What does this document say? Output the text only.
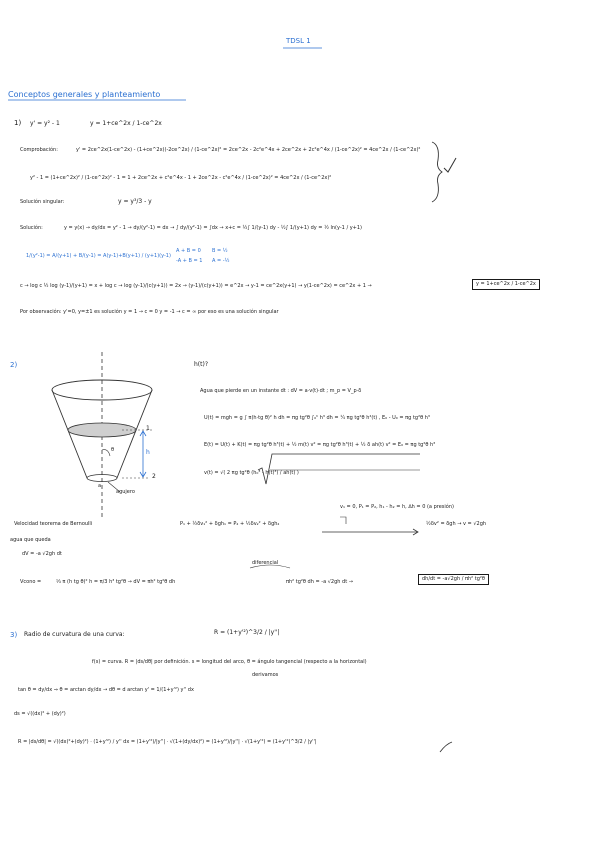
TDSL 1
Conceptos generales y planteamiento
1) y' = y² - 1	y = 1+ce^2x / 1-ce^2x
Comprobación:	y' = 2ce^2x(1-ce^2x) - (1+ce^2x)(-2ce^2x) / (1-ce^2x)² = 2ce^2x - 2c²e^4x + 2ce^2x + 2c²e^4x / (1-ce^2x)² = 4ce^2x / (1-ce^2x)²
y² - 1 = (1+ce^2x)² / (1-ce^2x)² - 1 = 1 + 2ce^2x + c²e^4x - 1 + 2ce^2x - c²e^4x / (1-ce^2x)² = 4ce^2x / (1-ce^2x)²
Solución singular:	y = y³/3 - y
Solución:	y = y(x) → dy/dx = y² - 1 → dy/(y²-1) = dx → ∫ dy/(y²-1) = ∫dx → x+c = ½∫ 1/(y-1) dy - ½∫ 1/(y+1) dy = ½ ln(y-1 / y+1)
1/(y²-1) = A/(y+1) + B/(y-1) = A(y-1)+B(y+1) / (y+1)(y-1)
A + B = 0
-A + B = 1
B = ½
A = -½
c → log c ½ log (y-1)/(y+1) = x + log c → log (y-1)/(c(y+1)) = 2x → (y-1)/(c(y+1)) = e^2x → y-1 = ce^2x(y+1) → y(1-ce^2x) = ce^2x + 1 →	y = 1+ce^2x / 1-ce^2x
Por observación: y'=0, y=±1 es solución y = 1 → c = 0 y = -1 → c = ∞ por eso es una solución singular
2)	h(t)?
1
h
2
θ
agujero
a
Agua que pierde en un instante dt : dV = a·v(t)·dt ; m_p = V_p·δ
U(t) = mgh = g ∫ π(h·tg θ)² h dh = πg tg²θ ∫₀ʰ h³ dh = ¼ πg tg²θ h⁴(t) , E₀ - U₀ = πg tg²θ h³
E(t) = U(t) + K(t) = πg tg²θ h³(t) + ½ m(t) v² = πg tg²θ h³(t) + ½ δ ah(t) v² = E₀ = πg tg²θ h³
v(t) = √( 2 πg tg²θ (h₀³ - h(t)³) / ah(t) )
Velocidad teorema de Bernoulli	P₁ + ½δv₁² + δgh₁ = P₂ + ½δv₂² + δgh₂
v₁ = 0, P₁ = P₂, h₁ - h₂ = h, ∆h = 0 (a presión)
½δv² = δgh → v = √2gh
agua que queda
dV = -a √2gh dt
Vcono =	⅓ π (h tg θ)² h = π/3 h³ tg²θ → dV = πh² tg²θ dh
diferencial
πh² tg²θ dh = -a √2gh dt →	dh/dt = -a√2gh / πh² tg²θ
3) Radio de curvatura de una curva:	R = (1+y'²)^3/2 / |y''|
f(s) = curva. R = |ds/dθ| por definición. s = longitud del arco, θ = ángulo tangencial (respecto a la horizontal)
derivamos
tan θ = dy/dx ⇒ θ = arctan dy/dx → dθ = d arctan y' = 1/(1+y'²) y'' dx
ds = √((dx)² + (dy)²)
R = |ds/dθ| = √((dx)²+(dy)²) · (1+y'²) / y'' dx = (1+y'²)/|y''| · √(1+(dy/dx)²) = (1+y'²)/|y''| · √(1+y'²) = (1+y'²)^3/2 / |y''|
